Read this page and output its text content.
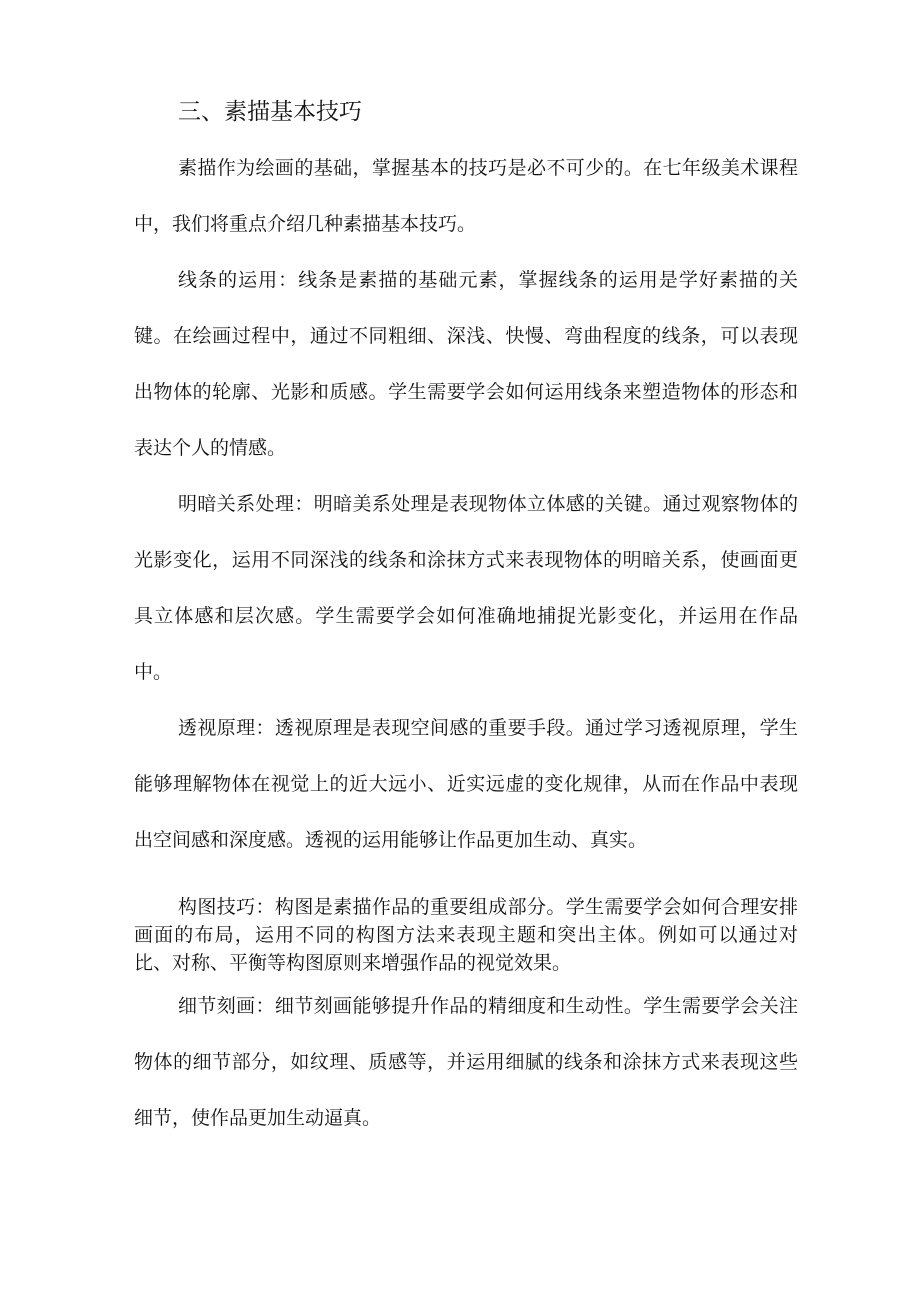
三、素描基本技巧

素描作为绘画的基础，掌握基本的技巧是必不可少的。在七年级美术课程中，我们将重点介绍几种素描基本技巧。

线条的运用：线条是素描的基础元素，掌握线条的运用是学好素描的关键。在绘画过程中，通过不同粗细、深浅、快慢、弯曲程度的线条，可以表现出物体的轮廓、光影和质感。学生需要学会如何运用线条来塑造物体的形态和表达个人的情感。

明暗关系处理：明暗美系处理是表现物体立体感的关键。通过观察物体的光影变化，运用不同深浅的线条和涂抹方式来表现物体的明暗关系，使画面更具立体感和层次感。学生需要学会如何准确地捕捉光影变化，并运用在作品中。

透视原理：透视原理是表现空间感的重要手段。通过学习透视原理，学生能够理解物体在视觉上的近大远小、近实远虚的变化规律，从而在作品中表现出空间感和深度感。透视的运用能够让作品更加生动、真实。

构图技巧：构图是素描作品的重要组成部分。学生需要学会如何合理安排画面的布局，运用不同的构图方法来表现主题和突出主体。例如可以通过对比、对称、平衡等构图原则来增强作品的视觉效果。

细节刻画：细节刻画能够提升作品的精细度和生动性。学生需要学会关注物体的细节部分，如纹理、质感等，并运用细腻的线条和涂抹方式来表现这些细节，使作品更加生动逼真。
